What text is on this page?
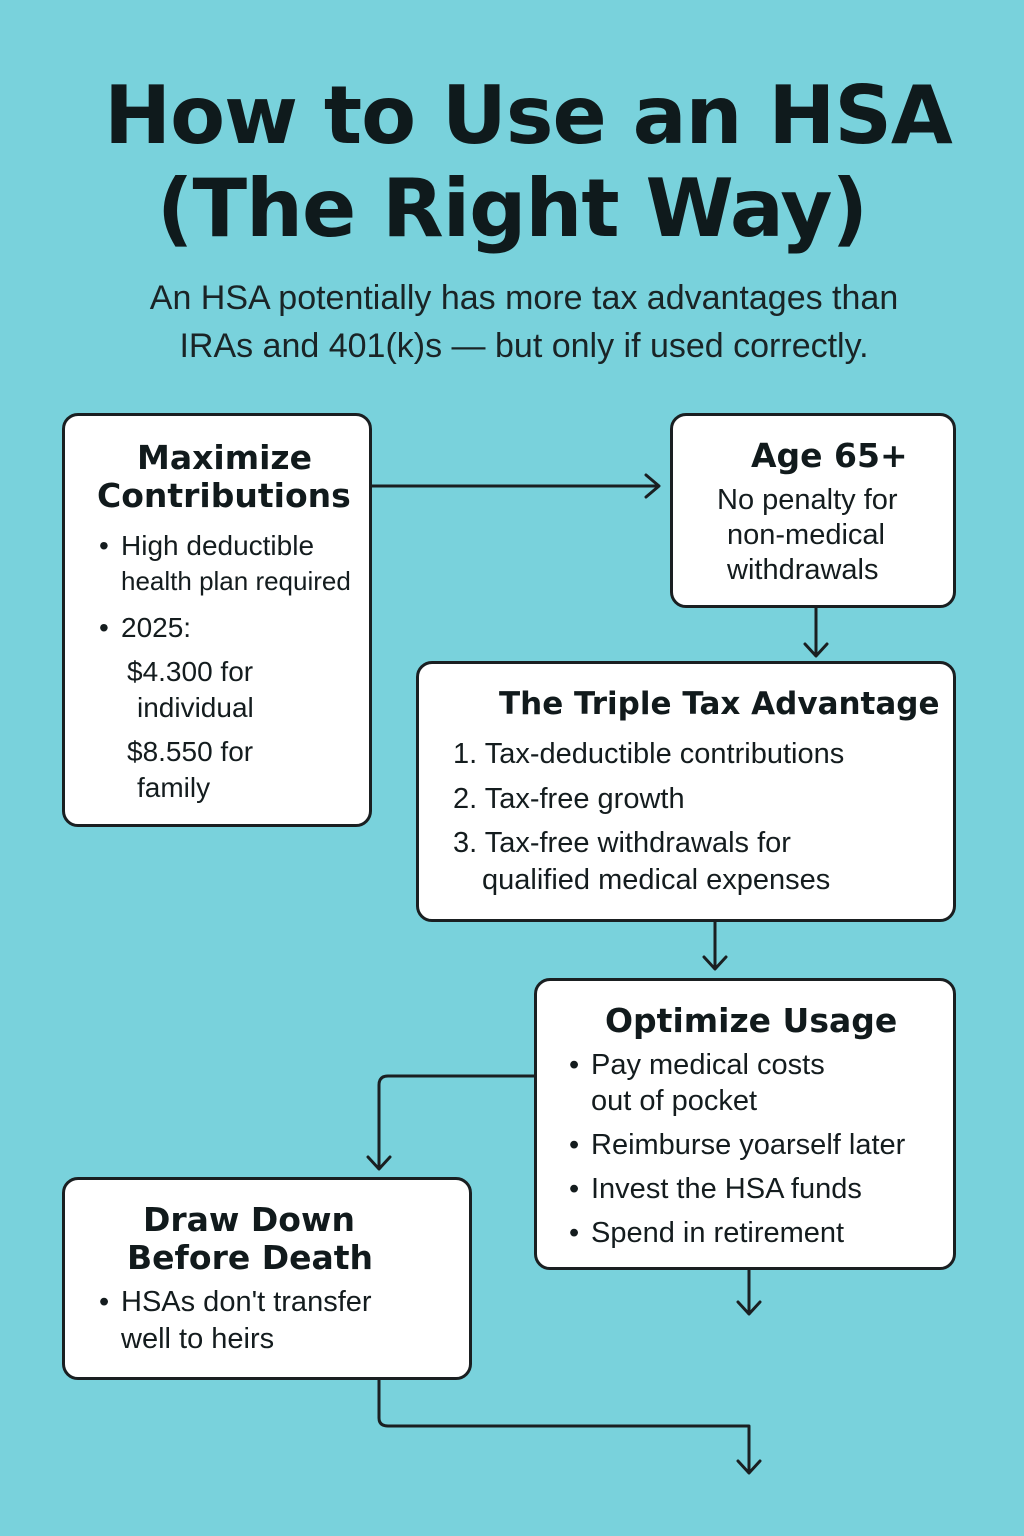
How to Use an HSA
(The Right Way)
An HSA potentially has more tax advantages than
IRAs and 401(k)s — but only if used correctly.
Maximize
Contributions
• High deductible
health plan required
• 2025:
$4.300 for
individual
$8.550 for
family
Age 65+
No penalty for
non-medical
withdrawals
The Triple Tax Advantage
1. Tax-deductible contributions
2. Tax-free growth
3. Tax-free withdrawals for
qualified medical expenses
Optimize Usage
• Pay medical costs
out of pocket
• Reimburse yoarself later
• Invest the HSA funds
• Spend in retirement
Draw Down
Before Death
• HSAs don't transfer
well to heirs
